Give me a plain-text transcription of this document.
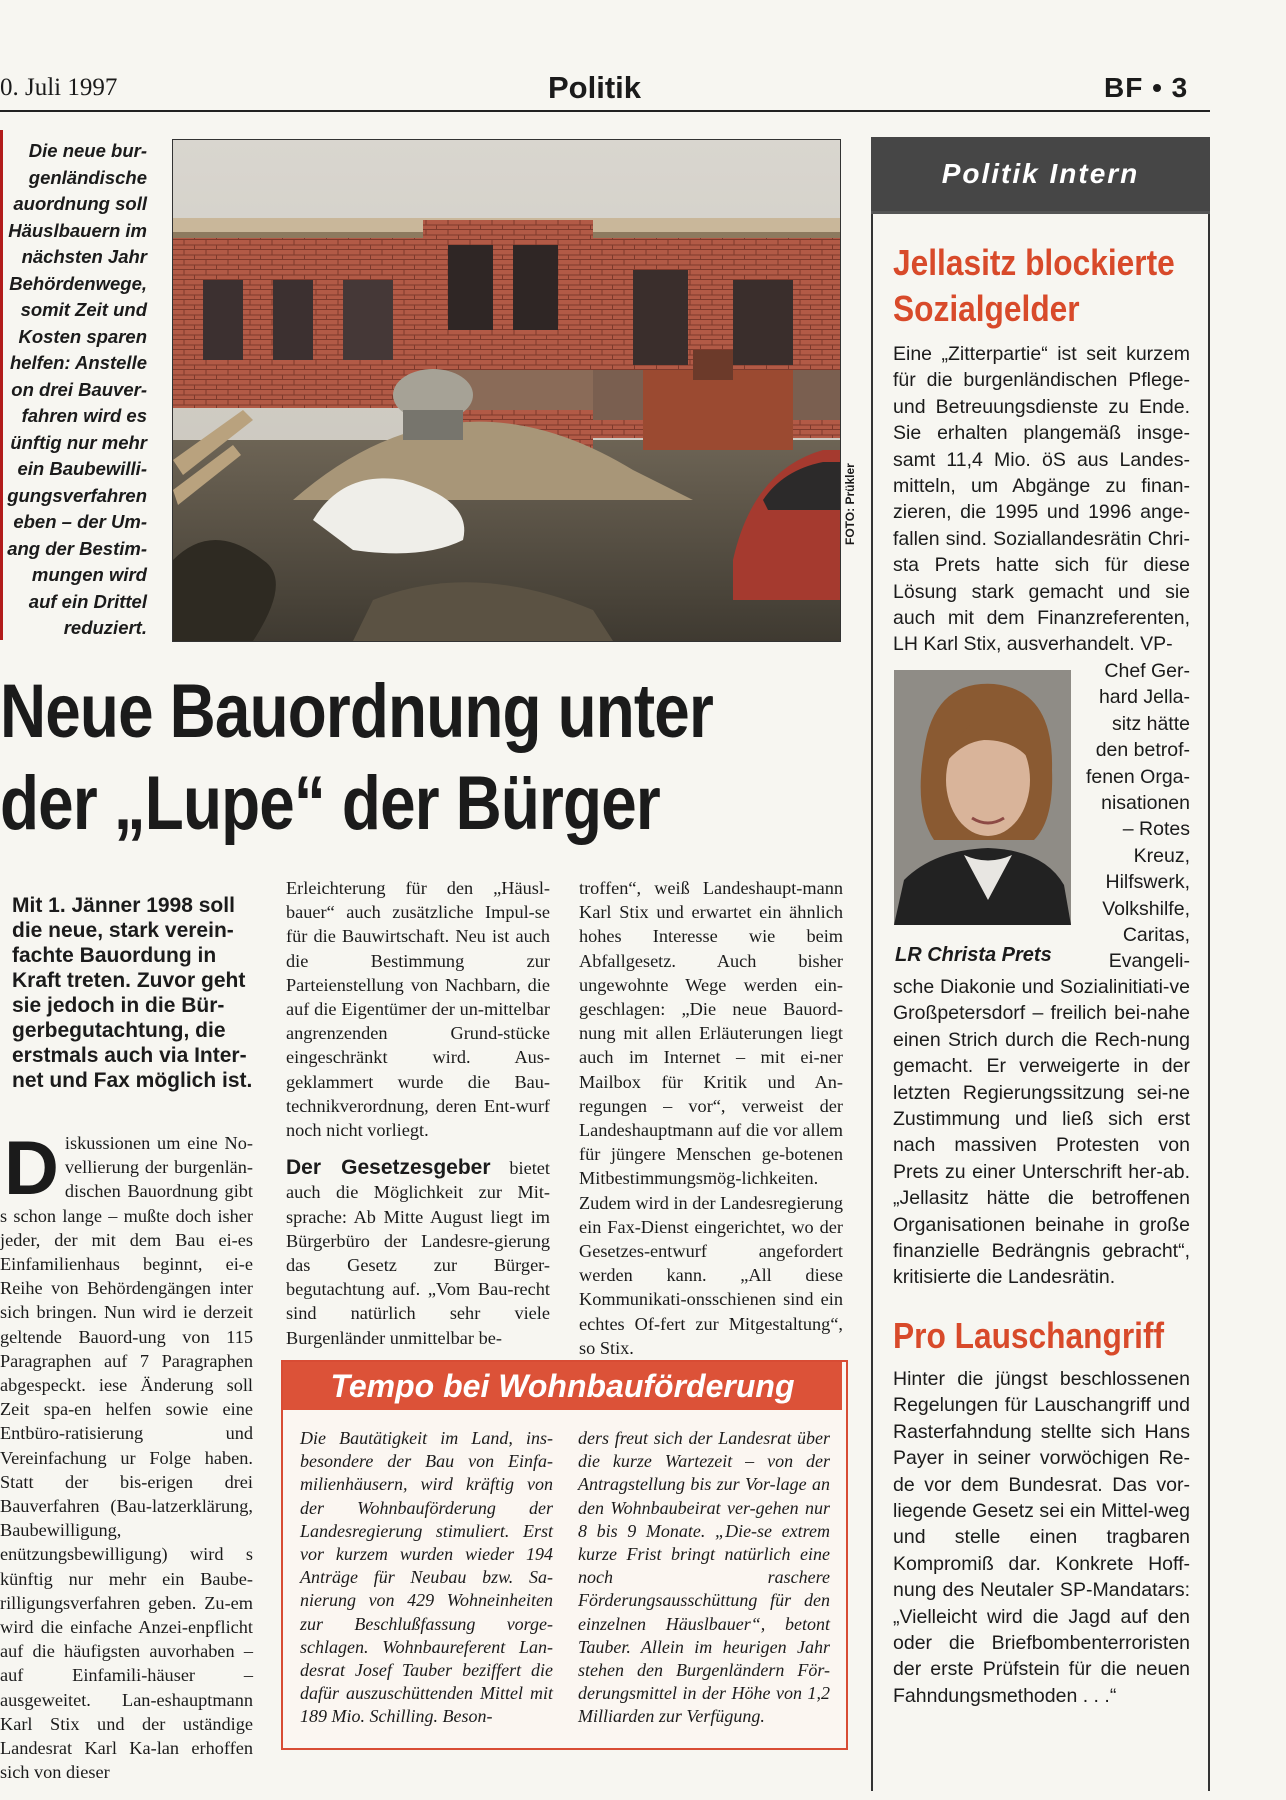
0. Juli 1997	Politik	BF • 3
Die neue bur-
genländische
auordnung soll
Häuslbauern im
nächsten Jahr
Behördenwege,
somit Zeit und
Kosten sparen
helfen: Anstelle
on drei Bauver-
fahren wird es
ünftig nur mehr
ein Baubewilli-
gungsverfahren
eben – der Um-
ang der Bestim-
mungen wird
auf ein Drittel
reduziert.
FOTO: Prükler
Neue Bauordnung unter
der „Lupe“ der Bürger
Mit 1. Jänner 1998 soll die neue, stark verein-fachte Bauordung in Kraft treten. Zuvor geht sie jedoch in die Bür-gerbegutachtung, die erstmals auch via Inter-net und Fax möglich ist.
D iskussionen um eine No-vellierung der burgenlän-dischen Bauordnung gibt s schon lange – mußte doch isher jeder, der mit dem Bau ei-es Einfamilienhaus beginnt, ei-e Reihe von Behördengängen inter sich bringen. Nun wird ie derzeit geltende Bauord-ung von 115 Paragraphen auf 7 Paragraphen abgespeckt. iese Änderung soll Zeit spa-en helfen sowie eine Entbüro-ratisierung und Vereinfachung ur Folge haben. Statt der bis-erigen drei Bauverfahren (Bau-latzerklärung, Baubewilligung, enützungsbewilligung) wird s künftig nur mehr ein Baube-rilligungsverfahren geben. Zu-em wird die einfache Anzei-enpflicht auf die häufigsten auvorhaben – auf Einfamili-häuser – ausgeweitet. Lan-eshauptmann Karl Stix und der uständige Landesrat Karl Ka-lan erhoffen sich von dieser
Erleichterung für den „Häusl-bauer“ auch zusätzliche Impul-se für die Bauwirtschaft. Neu ist auch die Bestimmung zur Parteienstellung von Nachbarn, die auf die Eigentümer der un-mittelbar angrenzenden Grund-stücke eingeschränkt wird. Aus-geklammert wurde die Bau-technikverordnung, deren Ent-wurf noch nicht vorliegt.
Der Gesetzesgeber bietet auch die Möglichkeit zur Mit-sprache: Ab Mitte August liegt im Bürgerbüro der Landesre-gierung das Gesetz zur Bürger-begutachtung auf. „Vom Bau-recht sind natürlich sehr viele Burgenländer unmittelbar be-
troffen“, weiß Landeshaupt-mann Karl Stix und erwartet ein ähnlich hohes Interesse wie beim Abfallgesetz. Auch bisher ungewohnte Wege werden ein-geschlagen: „Die neue Bauord-nung mit allen Erläuterungen liegt auch im Internet – mit ei-ner Mailbox für Kritik und An-regungen – vor“, verweist der Landeshauptmann auf die vor allem für jüngere Menschen ge-botenen Mitbestimmungsmög-lichkeiten. Zudem wird in der Landesregierung ein Fax-Dienst eingerichtet, wo der Gesetzes-entwurf angefordert werden kann. „All diese Kommunikati-onsschienen sind ein echtes Of-fert zur Mitgestaltung“, so Stix.
Tempo bei Wohnbauförderung
Die Bautätigkeit im Land, ins-besondere der Bau von Einfa-milienhäusern, wird kräftig von der Wohnbauförderung der Landesregierung stimuliert. Erst vor kurzem wurden wieder 194 Anträge für Neubau bzw. Sa-nierung von 429 Wohneinheiten zur Beschlußfassung vorge-schlagen. Wohnbaureferent Lan-desrat Josef Tauber beziffert die dafür auszuschüttenden Mittel mit 189 Mio. Schilling. Beson-
ders freut sich der Landesrat über die kurze Wartezeit – von der Antragstellung bis zur Vor-lage an den Wohnbaubeirat ver-gehen nur 8 bis 9 Monate. „Die-se extrem kurze Frist bringt natürlich eine noch raschere Förderungsausschüttung für den einzelnen Häuslbauer“, betont Tauber. Allein im heurigen Jahr stehen den Burgenländern För-derungsmittel in der Höhe von 1,2 Milliarden zur Verfügung.
Politik Intern
Jellasitz blockierte Sozialgelder
Eine „Zitterpartie“ ist seit kurzem für die burgenländischen Pflege- und Betreuungsdienste zu Ende. Sie erhalten plangemäß insge-samt 11,4 Mio. öS aus Landes-mitteln, um Abgänge zu finan-zieren, die 1995 und 1996 ange-fallen sind. Soziallandesrätin Chri-sta Prets hatte sich für diese Lösung stark gemacht und sie auch mit dem Finanzreferenten, LH Karl Stix, ausverhandelt. VP-
Chef Ger-hard Jella-sitz hätte den betrof-fenen Orga-nisationen – Rotes Kreuz, Hilfswerk, Volkshilfe, Caritas, Evangeli-
LR Christa Prets
sche Diakonie und Sozialinitiati-ve Großpetersdorf – freilich bei-nahe einen Strich durch die Rech-nung gemacht. Er verweigerte in der letzten Regierungssitzung sei-ne Zustimmung und ließ sich erst nach massiven Protesten von Prets zu einer Unterschrift her-ab. „Jellasitz hätte die betroffenen Organisationen beinahe in große finanzielle Bedrängnis gebracht“, kritisierte die Landesrätin.
Pro Lauschangriff
Hinter die jüngst beschlossenen Regelungen für Lauschangriff und Rasterfahndung stellte sich Hans Payer in seiner vorwöchigen Re-de vor dem Bundesrat. Das vor-liegende Gesetz sei ein Mittel-weg und stelle einen tragbaren Kompromiß dar. Konkrete Hoff-nung des Neutaler SP-Mandatars: „Vielleicht wird die Jagd auf den oder die Briefbombenterroristen der erste Prüfstein für die neuen Fahndungsmethoden . . .“
